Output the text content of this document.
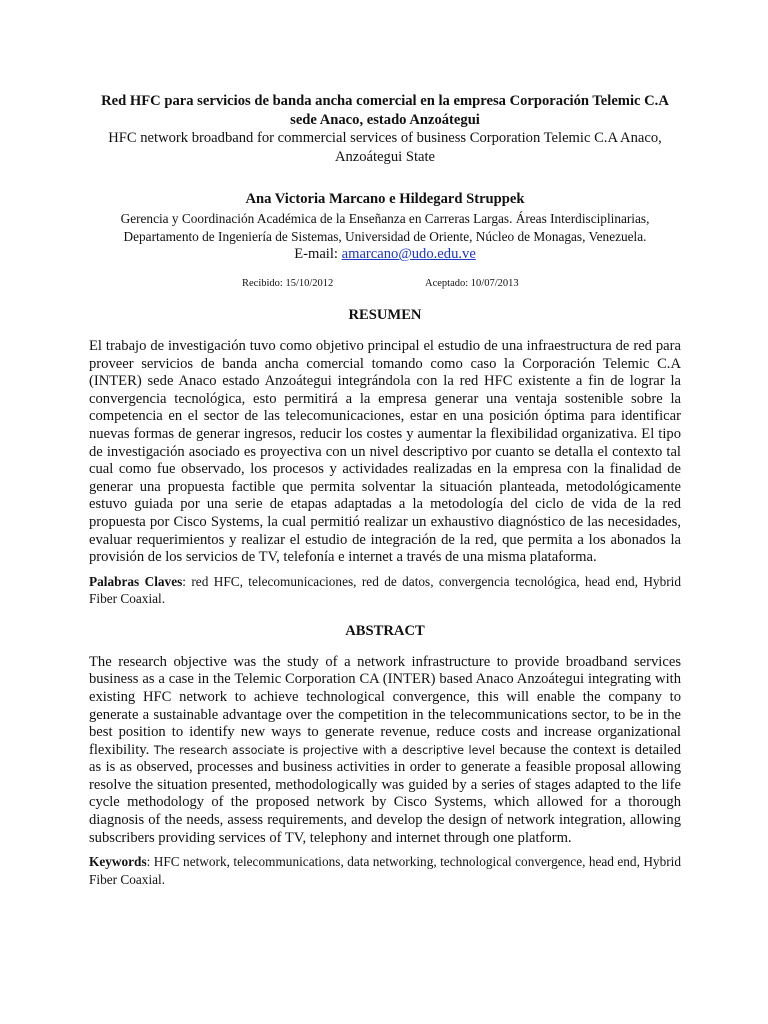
Red HFC para servicios de banda ancha comercial en la empresa Corporación Telemic C.A
sede Anaco, estado Anzoátegui

HFC network broadband for commercial services of business Corporation Telemic C.A Anaco,
Anzoátegui State

Ana Victoria Marcano e Hildegard Struppek

Gerencia y Coordinación Académica de la Enseñanza en Carreras Largas. Áreas Interdisciplinarias,
Departamento de Ingeniería de Sistemas, Universidad de Oriente, Núcleo de Monagas, Venezuela.

E-mail: amarcano@udo.edu.ve

Recibido: 15/10/2012	Aceptado: 10/07/2013

RESUMEN

El trabajo de investigación tuvo como objetivo principal el estudio de una infraestructura de red para proveer servicios de banda ancha comercial tomando como caso la Corporación Telemic C.A (INTER) sede Anaco estado Anzoátegui integrándola con la red HFC existente a fin de lograr la convergencia tecnológica, esto permitirá a la empresa generar una ventaja sostenible sobre la competencia en el sector de las telecomunicaciones, estar en una posición óptima para identificar nuevas formas de generar ingresos, reducir los costes y aumentar la flexibilidad organizativa. El tipo de investigación asociado es proyectiva con un nivel descriptivo por cuanto se detalla el contexto tal cual como fue observado, los procesos y actividades realizadas en la empresa con la finalidad de generar una propuesta factible que permita solventar la situación planteada, metodológicamente estuvo guiada por una serie de etapas adaptadas a la metodología del ciclo de vida de la red propuesta por Cisco Systems, la cual permitió realizar un exhaustivo diagnóstico de las necesidades, evaluar requerimientos y realizar el estudio de integración de la red, que permita a los abonados la provisión de los servicios de TV, telefonía e internet a través de una misma plataforma.

Palabras Claves: red HFC, telecomunicaciones, red de datos, convergencia tecnológica, head end, Hybrid Fiber Coaxial.

ABSTRACT

The research objective was the study of a network infrastructure to provide broadband services business as a case in the Telemic Corporation CA (INTER) based Anaco Anzoátegui integrating with existing HFC network to achieve technological convergence, this will enable the company to generate a sustainable advantage over the competition in the telecommunications sector, to be in the best position to identify new ways to generate revenue, reduce costs and increase organizational flexibility. The research associate is projective with a descriptive level because the context is detailed as is as observed, processes and business activities in order to generate a feasible proposal allowing resolve the situation presented, methodologically was guided by a series of stages adapted to the life cycle methodology of the proposed network by Cisco Systems, which allowed for a thorough diagnosis of the needs, assess requirements, and develop the design of network integration, allowing subscribers providing services of TV, telephony and internet through one platform.

Keywords: HFC network, telecommunications, data networking, technological convergence, head end, Hybrid Fiber Coaxial.
